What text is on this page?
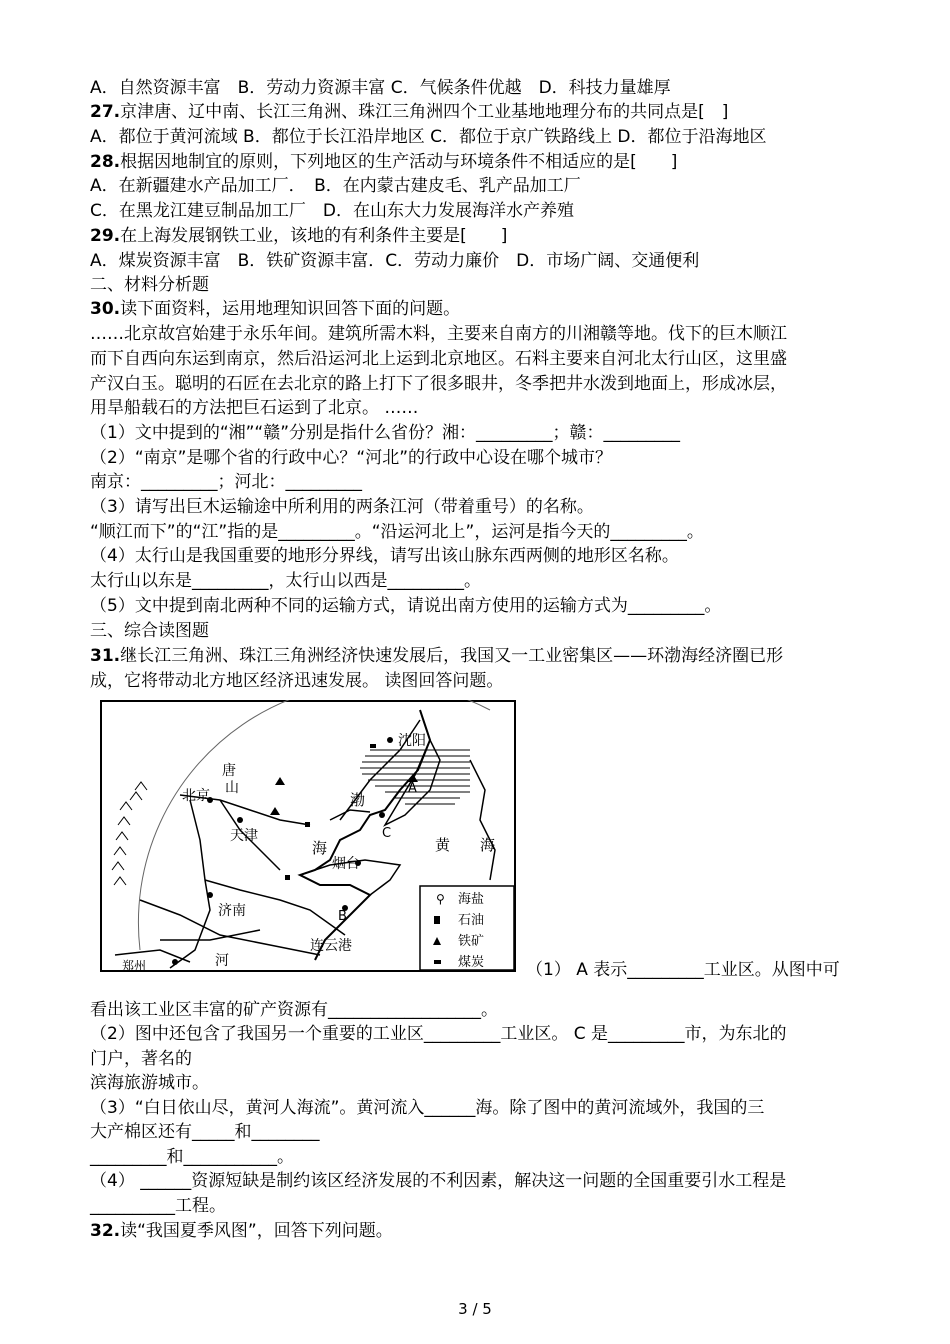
A．自然资源丰富　B．劳动力资源丰富 C．气候条件优越　D．科技力量雄厚
27.京津唐、辽中南、长江三角洲、珠江三角洲四个工业基地地理分布的共同点是[　]
A．都位于黄河流域 B．都位于长江沿岸地区 C．都位于京广铁路线上 D．都位于沿海地区
28.根据因地制宜的原则，下列地区的生产活动与环境条件不相适应的是[　　]
A．在新疆建水产品加工厂．　B．在内蒙古建皮毛、乳产品加工厂
C．在黑龙江建豆制品加工厂　D．在山东大力发展海洋水产养殖
29.在上海发展钢铁工业，该地的有利条件主要是[　　]
A．煤炭资源丰富　B．铁矿资源丰富．C．劳动力廉价　D．市场广阔、交通便利
二、材料分析题
30.读下面资料，运用地理知识回答下面的问题。
……北京故宫始建于永乐年间。建筑所需木料，主要来自南方的川湘赣等地。伐下的巨木顺江
而下自西向东运到南京，然后沿运河北上运到北京地区。石料主要来自河北太行山区，这里盛
产汉白玉。聪明的石匠在去北京的路上打下了很多眼井，冬季把井水泼到地面上，形成冰层，
用旱船载石的方法把巨石运到了北京。 ……
（1）文中提到的“湘”“赣”分别是指什么省份？湘：_________；赣：_________
（2）“南京”是哪个省的行政中心？“河北”的行政中心设在哪个城市？
南京：_________；河北：_________
（3）请写出巨木运输途中所利用的两条江河（带着重号）的名称。
“顺江而下”的“江”指的是_________。“沿运河北上”，运河是指今天的_________。
（4）太行山是我国重要的地形分界线，请写出该山脉东西两侧的地形区名称。
太行山以东是_________，太行山以西是_________。
（5）文中提到南北两种不同的运输方式，请说出南方使用的运输方式为_________。
三、综合读图题
31.继长江三角洲、珠江三角洲经济快速发展后，我国又一工业密集区——环渤海经济圈已形
成，它将带动北方地区经济迅速发展。 读图回答问题。
沈阳
北京
唐
山
渤
海
天津	黄　　海
烟台
济南
郑州
连云港
河
A
B
C
⚲ 海盐
石油
铁矿
煤炭 （1） A 表示_________工业区。从图中可
看出该工业区丰富的矿产资源有__________________。
（2）图中还包含了我国另一个重要的工业区_________工业区。 C 是_________市，为东北的
门户，著名的
滨海旅游城市。
（3）“白日依山尽，黄河人海流”。黄河流入______海。除了图中的黄河流域外，我国的三
大产棉区还有_____和________
_________和___________。
（4） ______资源短缺是制约该区经济发展的不利因素，解决这一问题的全国重要引水工程是
__________工程。
32.读“我国夏季风图”，回答下列问题。
3 / 5
